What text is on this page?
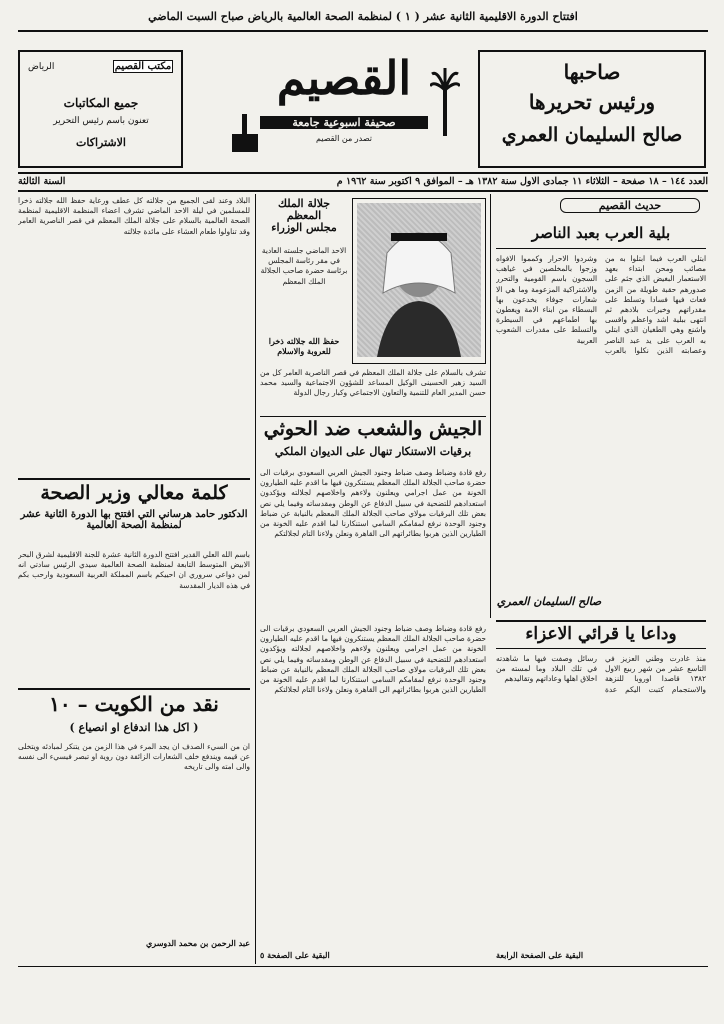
افتتاح الدورة الاقليمية الثانية عشر ( ١ ) لمنظمة الصحة العالمية بالرياض صباح السبت الماضي
مكتب القصيم
الرياض
جميع المكاتبات
تعنون باسم رئيس التحرير
الاشتراكات
القصيم
صحيفة اسبوعية جامعة
تصدر من القصيم
صاحبها
ورئيس تحريرها
صالح السليمان العمري
العدد ١٤٤ – ١٨ صفحة – الثلاثاء ١١ جمادى الاول سنة ١٣٨٢ هـ – الموافق ٩ اكتوبر سنة ١٩٦٢ م
السنة الثالثة
حديث القصيم
بلية العرب بعبد الناصر
ابتلي العرب فيما ابتلوا به من مصائب ومحن ابتداء بعهد الاستعمار البغيض الذي جثم على صدورهم حقبة طويلة من الزمن فعاث فيها فسادا وتسلط على مقدراتهم وخيرات بلادهم ثم انتهى ببلية اشد واعظم واقسى واشنع وهي الطغيان الذي ابتلي به العرب على يد عبد الناصر وعصابته الذين نكلوا بالعرب وشردوا الاحرار وكمموا الافواه وزجوا بالمخلصين في غياهب السجون باسم القومية والتحرر والاشتراكية المزعومة وما هي الا شعارات جوفاء يخدعون بها البسطاء من ابناء الامة ويغطون بها اطماعهم في السيطرة والتسلط على مقدرات الشعوب العربية
صالح السليمان العمري
جلالة الملك المعظم
مجلس الوزراء
الاحد الماضي جلسته العادية في مقر رئاسة المجلس برئاسة حضرة صاحب الجلالة الملك المعظم
حفظ الله جلالته ذخرا للعروبة والاسلام
تشرف بالسلام على جلالة الملك المعظم في قصر الناصرية العامر كل من السيد زهير الحسينى الوكيل المساعد للشؤون الاجتماعية والسيد محمد حسن المدير العام للتنمية والتعاون الاجتماعي وكبار رجال الدولة
الجيش والشعب ضد الحوثي
برقيات الاستنكار تنهال على الديوان الملكي
رفع قادة وضباط وصف ضباط وجنود الجيش العربي السعودي برقيات الى حضرة صاحب الجلالة الملك المعظم يستنكرون فيها ما اقدم عليه الطيارون الخونة من عمل اجرامي ويعلنون ولاءهم واخلاصهم لجلالته ويؤكدون استعدادهم للتضحية في سبيل الدفاع عن الوطن ومقدساته وفيما يلي نص بعض تلك البرقيات مولاي صاحب الجلالة الملك المعظم بالنيابة عن ضباط وجنود الوحدة نرفع لمقامكم السامي استنكارنا لما اقدم عليه الخونة من الطيارين الذين هربوا بطائراتهم الى القاهرة ونعلن ولاءنا التام لجلالتكم
رفع قادة وضباط وصف ضباط وجنود الجيش العربي السعودي برقيات الى حضرة صاحب الجلالة الملك المعظم يستنكرون فيها ما اقدم عليه الطيارون الخونة من عمل اجرامي ويعلنون ولاءهم واخلاصهم لجلالته ويؤكدون استعدادهم للتضحية في سبيل الدفاع عن الوطن ومقدساته وفيما يلي نص بعض تلك البرقيات مولاي صاحب الجلالة الملك المعظم بالنيابة عن ضباط وجنود الوحدة نرفع لمقامكم السامي استنكارنا لما اقدم عليه الخونة من الطيارين الذين هربوا بطائراتهم الى القاهرة ونعلن ولاءنا التام لجلالتكم
البقية على الصفحة ٥
البلاد وعند لقى الجميع من جلالته كل عطف ورعاية حفظ الله جلالته ذخرا للمسلمين في ليلة الاحد الماضي تشرف اعضاء المنظمة الاقليمية لمنظمة الصحة العالمية بالسلام على جلالة الملك المعظم في قصر الناصرية العامر وقد تناولوا طعام العشاء على مائدة جلالته
كلمة معالي وزير الصحة
الدكتور حامد هرساني التي افتتح بها الدورة الثانية عشر لمنظمة الصحة العالمية
باسم الله العلي القدير افتتح الدورة الثانية عشرة للجنة الاقليمية لشرق البحر الابيض المتوسط التابعة لمنظمة الصحة العالمية سيدي الرئيس سادتي انه لمن دواعي سروري ان احييكم باسم المملكة العربية السعودية وارحب بكم في هذه الديار المقدسة
نقد من الكويت – ١٠
( اكل هذا اندفاع او انصياع )
ان من السيء الصدف ان يجد المرء في هذا الزمن من يتنكر لمبادئه ويتخلى عن قيمه ويندفع خلف الشعارات الزائفة دون روية او تبصر فيسيء الى نفسه والى امته والى تاريخه
عبد الرحمن بن محمد الدوسري
وداعا يا قرائي الاعزاء
منذ غادرت وطني العزيز في التاسع عشر من شهر ربيع الاول ١٣٨٢ قاصدا اوروبا للنزهة والاستجمام كتبت اليكم عدة رسائل وصفت فيها ما شاهدته في تلك البلاد وما لمسته من اخلاق اهلها وعاداتهم وتقاليدهم
البقية على الصفحة الرابعة
